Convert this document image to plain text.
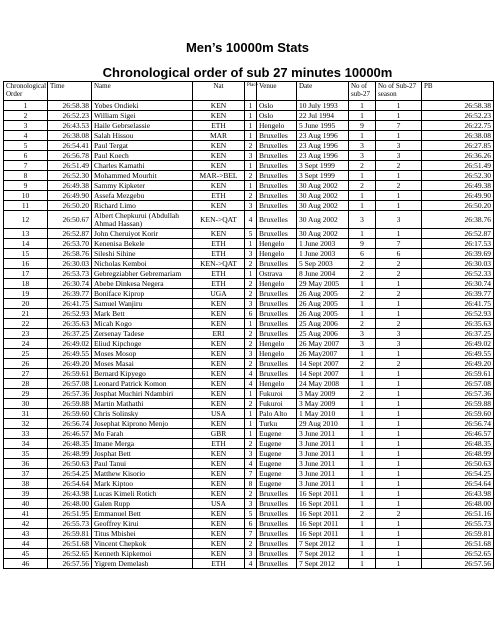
Men’s 10000m Stats
Chronological order of sub 27 minutes 10000m
Chronological Order	Time	Name	Nat	Place	Venue	Date	No of sub-27	No of Sub-27 season	PB
1	26:58.38	Yobes Ondieki	KEN	1	Oslo	10 July 1993	1	1	26:58.38
2	26:52.23	William Sigei	KEN	1	Oslo	22 Jul 1994	1	1	26:52.23
3	26:43.53	Haile Gebrselassie	ETH	1	Hengelo	5 June 1995	9	7	26:22.75
4	26:38.08	Salah Hissou	MAR	1	Bruxelles	23 Aug 1996	1	1	26:38.08
5	26:54.41	Paul Tergat	KEN	2	Bruxelles	23 Aug 1996	3	3	26:27.85
6	26:56.78	Paul Koech	KEN	3	Bruxelles	23 Aug 1996	3	3	26:36.26
7	26:51.49	Charles Kamathi	KEN	1	Bruxelles	3 Sept 1999	2	2	26:51.49
8	26:52.30	Mohammed Mourhit	MAR->BEL	2	Bruxelles	3 Sept 1999	1	1	26:52.30
9	26:49.38	Sammy Kipketer	KEN	1	Bruxelles	30 Aug 2002	2	2	26:49.38
10	26:49.90	Assefa Mezgebu	ETH	2	Bruxelles	30 Aug 2002	1	1	26:49.90
11	26:50.20	Richard Limo	KEN	3	Bruxelles	30 Aug 2002	1	1	26:50.20
12	26:50.67	Albert Chepkurui (Abdullah Ahmad Hassan)	KEN->QAT	4	Bruxelles	30 Aug 2002	3	3	26:38.76
13	26:52.87	John Cheruiyot Korir	KEN	5	Bruxelles	30 Aug 2002	1	1	26:52.87
14	26:53.70	Kenenisa Bekele	ETH	1	Hengelo	1 June 2003	9	7	26:17.53
15	26:58.76	Sileshi Sihine	ETH	3	Hengelo	1 June 2003	6	6	26:39.69
16	26:30.03	Nicholas Kemboi	KEN->QAT	2	Bruxelles	5 Sep 2003	2	2	26:30.03
17	26:53.73	Gebregziabher Gebremariam	ETH	1	Ostrava	8 June 2004	2	2	26:52.33
18	26:30.74	Abebe Dinkesa Negera	ETH	2	Hengelo	29 May 2005	1	1	26:30.74
19	26:39.77	Boniface Kiprop	UGA	2	Bruxelles	26 Aug 2005	2	2	26:39.77
20	26:41.75	Samuel Wanjiru	KEN	3	Bruxelles	26 Aug 2005	1	1	26:41.75
21	26:52.93	Mark Bett	KEN	6	Bruxelles	26 Aug 2005	1	1	26:52.93
22	26:35.63	Micah Kogo	KEN	1	Bruxelles	25 Aug 2006	2	2	26:35.63
23	26:37.25	Zersenay Tadese	ERI	2	Bruxelles	25 Aug 2006	3	3	26:37.25
24	26:49.02	Eliud Kipchoge	KEN	2	Hengelo	26 May 2007	3	3	26:49.02
25	26:49.55	Moses Mosop	KEN	3	Hengelo	26 May2007	1	1	26:49.55
26	26:49.20	Moses Masai	KEN	2	Bruxelles	14 Sept 2007	2	2	26:49.20
27	26:59.61	Bernard Kipyego	KEN	4	Bruxelles	14 Sept 2007	1	1	26:59.61
28	26:57.08	Leonard Patrick Komon	KEN	4	Hengelo	24 May 2008	1	1	26:57.08
29	26:57.36	Josphat Muchiri Ndambiri	KEN	1	Fukuroi	3 May 2009	2	1	26:57.36
30	26:59.88	Martin Mathathi	KEN	2	Fukuroi	3 May 2009	1	1	26:59.88
31	26:59.60	Chris Solinsky	USA	1	Palo Alto	1 May 2010	1	1	26:59.60
32	26:56.74	Josephat Kiprono Menjo	KEN	1	Turku	29 Aug 2010	1	1	26:56.74
33	26:46.57	Mo Farah	GBR	1	Eugene	3 June 2011	1	1	26:46.57
34	26:48.35	Imane Merga	ETH	2	Eugene	3 June 2011	1	1	26:48.35
35	26:48.99	Josphat Bett	KEN	3	Eugene	3 June 2011	1	1	26:48.99
36	26:50.63	Paul Tanui	KEN	4	Eugene	3 June 2011	1	1	26:50.63
37	26:54.25	Matthew Kisorio	KEN	7	Eugene	3 June 2011	1	1	26:54.25
38	26:54.64	Mark Kiptoo	KEN	8	Eugene	3 June 2011	1	1	26:54.64
39	26:43.98	Lucas Kimeli Rotich	KEN	2	Bruxelles	16 Sept 2011	1	1	26:43.98
40	26:48.00	Galen Rupp	USA	3	Bruxelles	16 Sept 2011	1	1	26:48.00
41	26:51.95	Emmanuel Bett	KEN	5	Bruxelles	16 Sept 2011	2	2	26:51.16
42	26:55.73	Geoffrey Kirui	KEN	6	Bruxelles	16 Sept 2011	1	1	26:55.73
43	26:59.81	Titus Mbishei	KEN	7	Bruxelles	16 Sept 2011	1	1	26:59.81
44	26:51.68	Vincent Chepkok	KEN	2	Bruxelles	7 Sept 2012	1	1	26:51.68
45	26:52.65	Kenneth Kipkemoi	KEN	3	Bruxelles	7 Sept 2012	1	1	26:52.65
46	26:57.56	Yigrem Demelash	ETH	4	Bruxelles	7 Sept 2012	1	1	26:57.56
